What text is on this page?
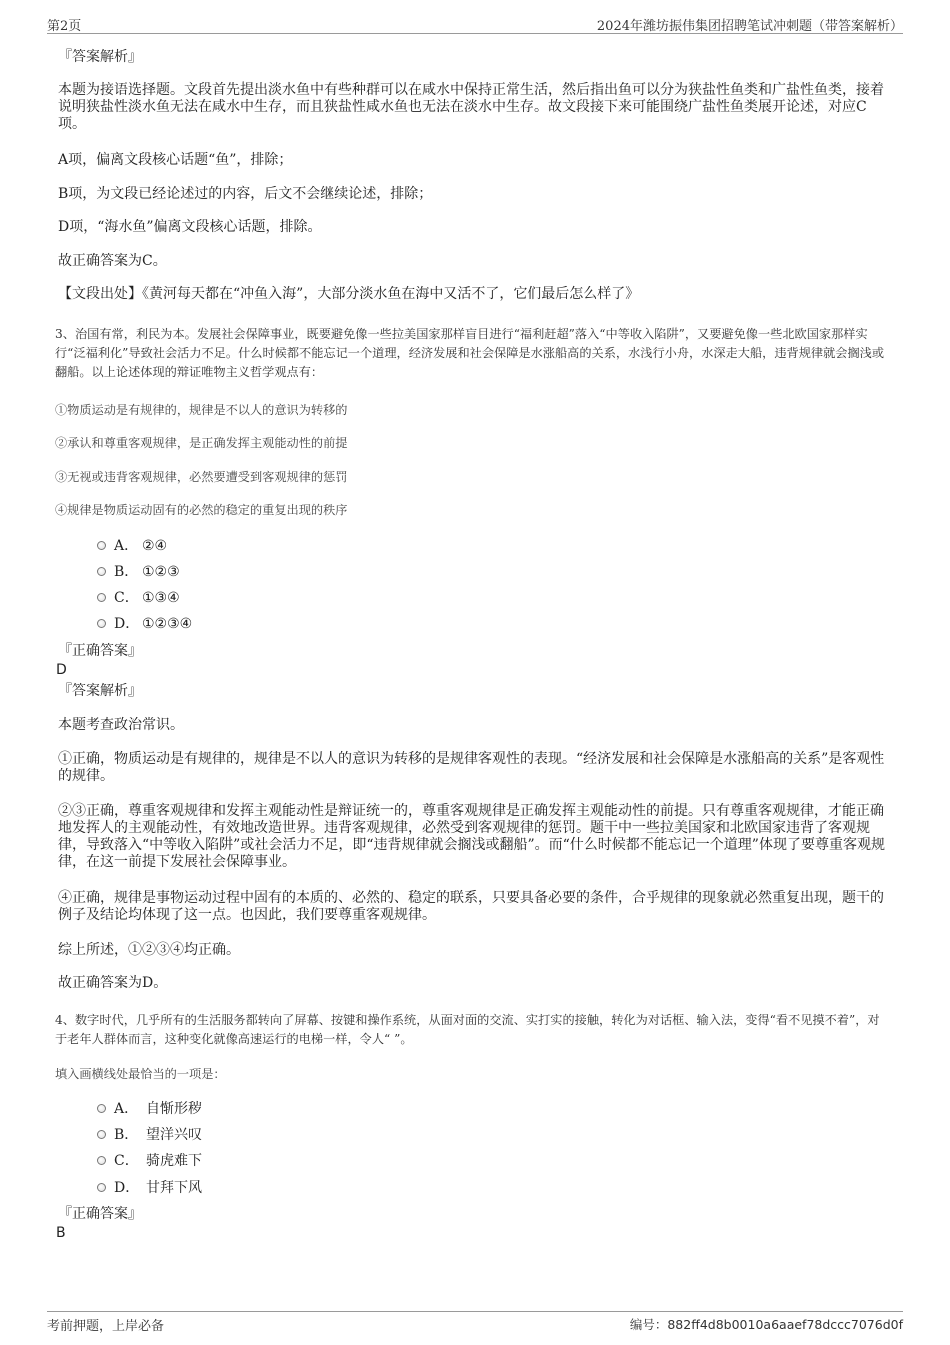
第2页	2024年潍坊振伟集团招聘笔试冲刺题（带答案解析）
『答案解析』

本题为接语选择题。文段首先提出淡水鱼中有些种群可以在咸水中保持正常生活，然后指出鱼可以分为狭盐性鱼类和广盐性鱼类，接着说明狭盐性淡水鱼无法在咸水中生存，而且狭盐性咸水鱼也无法在淡水中生存。故文段接下来可能围绕广盐性鱼类展开论述，对应C项。

A项，偏离文段核心话题“鱼”，排除；

B项，为文段已经论述过的内容，后文不会继续论述，排除；

D项，“海水鱼”偏离文段核心话题，排除。

故正确答案为C。

【文段出处】《黄河每天都在“冲鱼入海”，大部分淡水鱼在海中又活不了，它们最后怎么样了》

3、治国有常，利民为本。发展社会保障事业，既要避免像一些拉美国家那样盲目进行“福利赶超”落入“中等收入陷阱”，又要避免像一些北欧国家那样实行“泛福利化”导致社会活力不足。什么时候都不能忘记一个道理，经济发展和社会保障是水涨船高的关系，水浅行小舟，水深走大船，违背规律就会搁浅或翻船。以上论述体现的辩证唯物主义哲学观点有：

①物质运动是有规律的，规律是不以人的意识为转移的
②承认和尊重客观规律，是正确发挥主观能动性的前提
③无视或违背客观规律，必然要遭受到客观规律的惩罚
④规律是物质运动固有的必然的稳定的重复出现的秩序
A． ②④
B． ①②③
C． ①③④
D． ①②③④
『正确答案』
D
『答案解析』

本题考查政治常识。

①正确，物质运动是有规律的，规律是不以人的意识为转移的是规律客观性的表现。“经济发展和社会保障是水涨船高的关系”是客观性的规律。

②③正确，尊重客观规律和发挥主观能动性是辩证统一的，尊重客观规律是正确发挥主观能动性的前提。只有尊重客观规律，才能正确地发挥人的主观能动性，有效地改造世界。违背客观规律，必然受到客观规律的惩罚。题干中一些拉美国家和北欧国家违背了客观规律，导致落入“中等收入陷阱”或社会活力不足，即“违背规律就会搁浅或翻船”。而“什么时候都不能忘记一个道理”体现了要尊重客观规律，在这一前提下发展社会保障事业。

④正确，规律是事物运动过程中固有的本质的、必然的、稳定的联系，只要具备必要的条件，合乎规律的现象就必然重复出现，题干的例子及结论均体现了这一点。也因此，我们要尊重客观规律。

综上所述，①②③④均正确。

故正确答案为D。

4、数字时代，几乎所有的生活服务都转向了屏幕、按键和操作系统，从面对面的交流、实打实的接触，转化为对话框、输入法，变得“看不见摸不着”，对于老年人群体而言，这种变化就像高速运行的电梯一样，令人“ ”。

填入画横线处最恰当的一项是：
A． 自惭形秽
B． 望洋兴叹
C． 骑虎难下
D． 甘拜下风
『正确答案』
B
考前押题，上岸必备	编号：882ff4d8b0010a6aaef78dccc7076d0f
